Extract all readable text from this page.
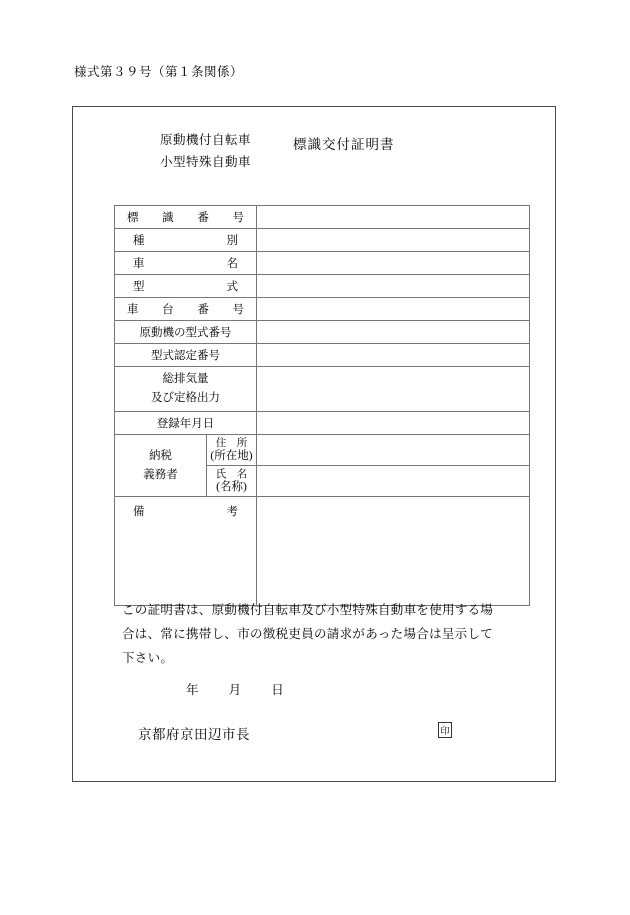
様式第３９号（第１条関係）
原動機付自転車
小型特殊自動車
標識交付証明書
標 識 番 号		

種　　　別		

車　　　名		

型　　　式		

車 台 番 号		

原動機の型式番号		
型式認定番号		

総排気量
及び定格出力		

登録年月日		

納税
義務者

住　所
(所在地)

	氏　名
(名称)	

備　　　考		

この証明書は、原動機付自転車及び小型特殊自動車を使用する場

合は、常に携帯し、市の徴税吏員の請求があった場合は呈示して

下さい。

年 月 日
京都府京田辺市長	印
